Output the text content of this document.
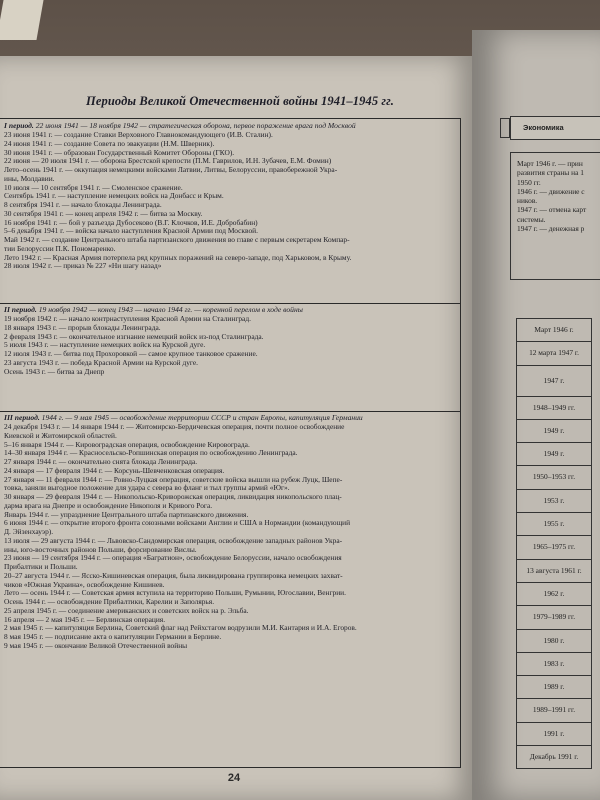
Периоды Великой Отечественной войны 1941–1945 гг.
I период. 22 июня 1941 — 18 ноября 1942 — стратегическая оборона, первое поражение врага под Москвой
23 июня 1941 г. — создание Ставки Верховного Главнокомандующего (И.В. Сталин).
24 июня 1941 г. — создание Совета по эвакуации (Н.М. Шверник).
30 июня 1941 г. — образован Государственный Комитет Обороны (ГКО).
22 июня — 20 июля 1941 г. — оборона Брестской крепости (П.М. Гаврилов, И.Н. Зубачев, Е.М. Фомин)
Лето–осень 1941 г. — оккупация немецкими войсками Латвии, Литвы, Белоруссии, правобережной Укра-
ины, Молдавии.
10 июля — 10 сентября 1941 г. — Смоленское сражение.
Сентябрь 1941 г. — наступление немецких войск на Донбасс и Крым.
8 сентября 1941 г. — начало блокады Ленинграда.
30 сентября 1941 г. — конец апреля 1942 г. — битва за Москву.
16 ноября 1941 г. — бой у разъезда Дубосеково (В.Г. Клочков, И.Е. Добробабин)
5–6 декабря 1941 г. — войска начало наступления Красной Армии под Москвой.
Май 1942 г. — создание Центрального штаба партизанского движения во главе с первым секретарем Компар-
тии Белоруссии П.К. Пономаренко.
Лето 1942 г. — Красная Армия потерпела ряд крупных поражений на северо-западе, под Харьковом, в Крыму.
28 июля 1942 г. — приказ № 227 «Ни шагу назад»
II период. 19 ноября 1942 — конец 1943 — начало 1944 гг. — коренной перелом в ходе войны
19 ноября 1942 г. — начало контрнаступления Красной Армии на Сталинград.
18 января 1943 г. — прорыв блокады Ленинграда.
2 февраля 1943 г. — окончательное изгнание немецкий войск из-под Сталинграда.
5 июля 1943 г. — наступление немецких войск на Курской дуге.
12 июля 1943 г. — битва под Прохоровкой — самое крупное танковое сражение.
23 августа 1943 г. — победа Красной Армии на Курской дуге.
Осень 1943 г. — битва за Днепр
III период. 1944 г. — 9 мая 1945 — освобождение территории СССР и стран Европы, капитуляция Германии
24 декабря 1943 г. — 14 января 1944 г. — Житомирско-Бердичевская операция, почти полное освобождение
Киевской и Житомирской областей.
5–16 января 1944 г. — Кировоградская операция, освобождение Кировограда.
14–30 января 1944 г. — Красносельско-Ропшинская операция по освобождению Ленинграда.
27 января 1944 г. — окончательно снята блокада Ленинграда.
24 января — 17 февраля 1944 г. — Корсунь-Шевченковская операция.
27 января — 11 февраля 1944 г. — Ровно-Луцкая операция, советские войска вышли на рубеж Луцк, Шепе-
товка, заняли выгодное положение для удара с севера во фланг и тыл группы армий «Юг».
30 января — 29 февраля 1944 г. — Никопольско-Криворожская операция, ликвидация никопольского плац-
дарма врага на Днепре и освобождение Никополя и Кривого Рога.
Январь 1944 г. — упразднение Центрального штаба партизанского движения.
6 июня 1944 г. — открытие второго фронта союзными войсками Англии и США в Нормандии (командующий
Д. Эйзенхауэр).
13 июля — 29 августа 1944 г. — Львовско-Сандомирская операция, освобождение западных районов Укра-
ины, юго-восточных районов Польши, форсирование Вислы.
23 июня — 19 сентября 1944 г. — операция «Багратион», освобождение Белоруссии, начало освобождения
Прибалтики и Польши.
20–27 августа 1944 г. — Ясско-Кишиневская операция, была ликвидирована группировка немецких захват-
чиков «Южная Украина», освобождение Кишинев.
Лето — осень 1944 г. — Советская армия вступила на территорию Польши, Румынии, Югославии, Венгрии.
Осень 1944 г. — освобождение Прибалтики, Карелии и Заполярья.
25 апреля 1945 г. — соединение американских и советских войск на р. Эльба.
16 апреля — 2 мая 1945 г. — Берлинская операция.
2 мая 1945 г. — капитуляция Берлина, Советский флаг над Рейхстагом водрузили М.И. Кантария и И.А. Егоров.
8 мая 1945 г. — подписание акта о капитуляции Германии в Берлине.
9 мая 1945 г. — окончание Великой Отечественной войны
24
Экономика
Март 1946 г. — прин
развития страны на 1
1950 гг.
1946 г. — движение с
ников.
1947 г. — отмена карт
системы.
1947 г. — денежная р
Март 1946 г.
12 марта 1947 г.
1947 г.
1948–1949 гг.
1949 г.
1949 г.
1950–1953 гг.
1953 г.
1955 г.
1965–1975 гг.
13 августа 1961 г.
1962 г.
1979–1989 гг.
1980 г.
1983 г.
1989 г.
1989–1991 гг.
1991 г.
Декабрь 1991 г.
